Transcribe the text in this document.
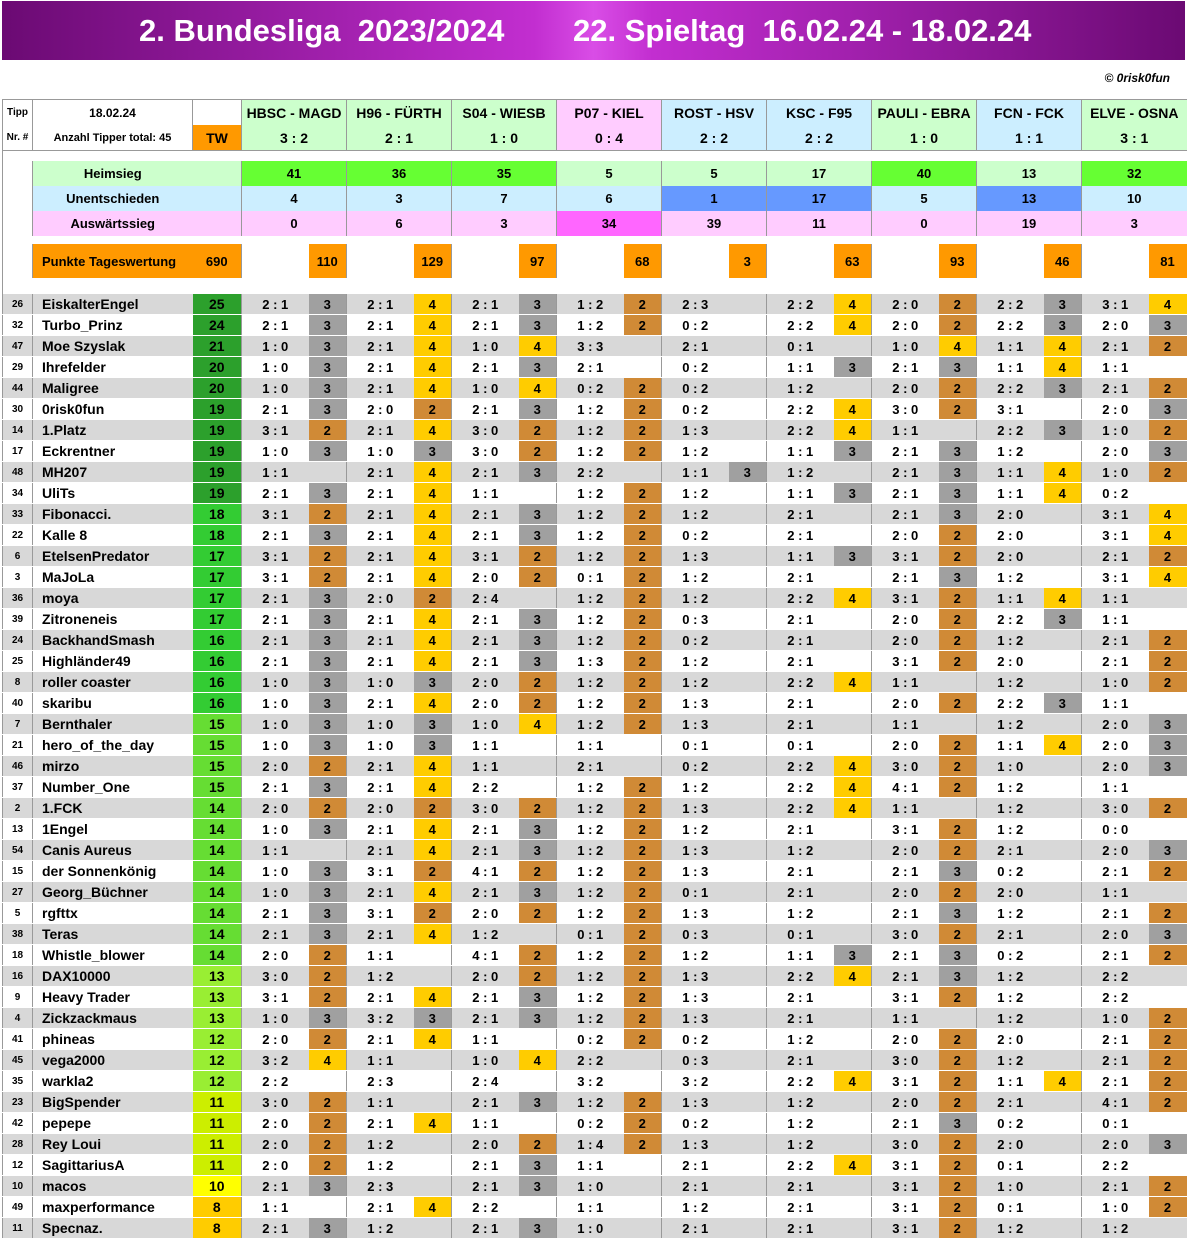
2. Bundesliga  2023/2024 22. Spieltag  16.02.24 - 18.02.24
© 0risk0fun
Tipp	18.02.24		HBSC - MAGD		H96 - FÜRTH		S04 - WIESB		P07 - KIEL		ROST - HSV		KSC - F95		PAULI - EBRA		FCN - FCK		ELVE - OSNA	
Nr. #	Anzahl Tipper total: 45	TW	3 : 2		2 : 1		1 : 0		0 : 4		2 : 2		2 : 2		1 : 0		1 : 1		3 : 1	

	Heimsieg		41		36		35		5		5		17		40		13		32	
	Unentschieden		4		3		7		6		1		17		5		13		10	
	Auswärtssieg		0		6		3		34		39		11		0		19		3	

	Punkte Tageswertung	690		110		129		97		68		3		63		93		46		81

26	EiskalterEngel	25	2 : 1	3	2 : 1	4	2 : 1	3	1 : 2	2	2 : 3		2 : 2	4	2 : 0	2	2 : 2	3	3 : 1	4
32	Turbo_Prinz	24	2 : 1	3	2 : 1	4	2 : 1	3	1 : 2	2	0 : 2		2 : 2	4	2 : 0	2	2 : 2	3	2 : 0	3
47	Moe Szyslak	21	1 : 0	3	2 : 1	4	1 : 0	4	3 : 3		2 : 1		0 : 1		1 : 0	4	1 : 1	4	2 : 1	2
29	Ihrefelder	20	1 : 0	3	2 : 1	4	2 : 1	3	2 : 1		0 : 2		1 : 1	3	2 : 1	3	1 : 1	4	1 : 1	
44	Maligree	20	1 : 0	3	2 : 1	4	1 : 0	4	0 : 2	2	0 : 2		1 : 2		2 : 0	2	2 : 2	3	2 : 1	2
30	0risk0fun	19	2 : 1	3	2 : 0	2	2 : 1	3	1 : 2	2	0 : 2		2 : 2	4	3 : 0	2	3 : 1		2 : 0	3
14	1.Platz	19	3 : 1	2	2 : 1	4	3 : 0	2	1 : 2	2	1 : 3		2 : 2	4	1 : 1		2 : 2	3	1 : 0	2
17	Eckrentner	19	1 : 0	3	1 : 0	3	3 : 0	2	1 : 2	2	1 : 2		1 : 1	3	2 : 1	3	1 : 2		2 : 0	3
48	MH207	19	1 : 1		2 : 1	4	2 : 1	3	2 : 2		1 : 1	3	1 : 2		2 : 1	3	1 : 1	4	1 : 0	2
34	UliTs	19	2 : 1	3	2 : 1	4	1 : 1		1 : 2	2	1 : 2		1 : 1	3	2 : 1	3	1 : 1	4	0 : 2	
33	Fibonacci.	18	3 : 1	2	2 : 1	4	2 : 1	3	1 : 2	2	1 : 2		2 : 1		2 : 1	3	2 : 0		3 : 1	4
22	Kalle 8	18	2 : 1	3	2 : 1	4	2 : 1	3	1 : 2	2	0 : 2		2 : 1		2 : 0	2	2 : 0		3 : 1	4
6	EtelsenPredator	17	3 : 1	2	2 : 1	4	3 : 1	2	1 : 2	2	1 : 3		1 : 1	3	3 : 1	2	2 : 0		2 : 1	2
3	MaJoLa	17	3 : 1	2	2 : 1	4	2 : 0	2	0 : 1	2	1 : 2		2 : 1		2 : 1	3	1 : 2		3 : 1	4
36	moya	17	2 : 1	3	2 : 0	2	2 : 4		1 : 2	2	1 : 2		2 : 2	4	3 : 1	2	1 : 1	4	1 : 1	
39	Zitroneneis	17	2 : 1	3	2 : 1	4	2 : 1	3	1 : 2	2	0 : 3		2 : 1		2 : 0	2	2 : 2	3	1 : 1	
24	BackhandSmash	16	2 : 1	3	2 : 1	4	2 : 1	3	1 : 2	2	0 : 2		2 : 1		2 : 0	2	1 : 2		2 : 1	2
25	Highländer49	16	2 : 1	3	2 : 1	4	2 : 1	3	1 : 3	2	1 : 2		2 : 1		3 : 1	2	2 : 0		2 : 1	2
8	roller coaster	16	1 : 0	3	1 : 0	3	2 : 0	2	1 : 2	2	1 : 2		2 : 2	4	1 : 1		1 : 2		1 : 0	2
40	skaribu	16	1 : 0	3	2 : 1	4	2 : 0	2	1 : 2	2	1 : 3		2 : 1		2 : 0	2	2 : 2	3	1 : 1	
7	Bernthaler	15	1 : 0	3	1 : 0	3	1 : 0	4	1 : 2	2	1 : 3		2 : 1		1 : 1		1 : 2		2 : 0	3
21	hero_of_the_day	15	1 : 0	3	1 : 0	3	1 : 1		1 : 1		0 : 1		0 : 1		2 : 0	2	1 : 1	4	2 : 0	3
46	mirzo	15	2 : 0	2	2 : 1	4	1 : 1		2 : 1		0 : 2		2 : 2	4	3 : 0	2	1 : 0		2 : 0	3
37	Number_One	15	2 : 1	3	2 : 1	4	2 : 2		1 : 2	2	1 : 2		2 : 2	4	4 : 1	2	1 : 2		1 : 1	
2	1.FCK	14	2 : 0	2	2 : 0	2	3 : 0	2	1 : 2	2	1 : 3		2 : 2	4	1 : 1		1 : 2		3 : 0	2
13	1Engel	14	1 : 0	3	2 : 1	4	2 : 1	3	1 : 2	2	1 : 2		2 : 1		3 : 1	2	1 : 2		0 : 0	
54	Canis Aureus	14	1 : 1		2 : 1	4	2 : 1	3	1 : 2	2	1 : 3		1 : 2		2 : 0	2	2 : 1		2 : 0	3
15	der Sonnenkönig	14	1 : 0	3	3 : 1	2	4 : 1	2	1 : 2	2	1 : 3		2 : 1		2 : 1	3	0 : 2		2 : 1	2
27	Georg_Büchner	14	1 : 0	3	2 : 1	4	2 : 1	3	1 : 2	2	0 : 1		2 : 1		2 : 0	2	2 : 0		1 : 1	
5	rgfttx	14	2 : 1	3	3 : 1	2	2 : 0	2	1 : 2	2	1 : 3		1 : 2		2 : 1	3	1 : 2		2 : 1	2
38	Teras	14	2 : 1	3	2 : 1	4	1 : 2		0 : 1	2	0 : 3		0 : 1		3 : 0	2	2 : 1		2 : 0	3
18	Whistle_blower	14	2 : 0	2	1 : 1		4 : 1	2	1 : 2	2	1 : 2		1 : 1	3	2 : 1	3	0 : 2		2 : 1	2
16	DAX10000	13	3 : 0	2	1 : 2		2 : 0	2	1 : 2	2	1 : 3		2 : 2	4	2 : 1	3	1 : 2		2 : 2	
9	Heavy Trader	13	3 : 1	2	2 : 1	4	2 : 1	3	1 : 2	2	1 : 3		2 : 1		3 : 1	2	1 : 2		2 : 2	
4	Zickzackmaus	13	1 : 0	3	3 : 2	3	2 : 1	3	1 : 2	2	1 : 3		2 : 1		1 : 1		1 : 2		1 : 0	2
41	phineas	12	2 : 0	2	2 : 1	4	1 : 1		0 : 2	2	0 : 2		1 : 2		2 : 0	2	2 : 0		2 : 1	2
45	vega2000	12	3 : 2	4	1 : 1		1 : 0	4	2 : 2		0 : 3		2 : 1		3 : 0	2	1 : 2		2 : 1	2
35	warkla2	12	2 : 2		2 : 3		2 : 4		3 : 2		3 : 2		2 : 2	4	3 : 1	2	1 : 1	4	2 : 1	2
23	BigSpender	11	3 : 0	2	1 : 1		2 : 1	3	1 : 2	2	1 : 3		1 : 2		2 : 0	2	2 : 1		4 : 1	2
42	pepepe	11	2 : 0	2	2 : 1	4	1 : 1		0 : 2	2	0 : 2		1 : 2		2 : 1	3	0 : 2		0 : 1	
28	Rey Loui	11	2 : 0	2	1 : 2		2 : 0	2	1 : 4	2	1 : 3		1 : 2		3 : 0	2	2 : 0		2 : 0	3
12	SagittariusA	11	2 : 0	2	1 : 2		2 : 1	3	1 : 1		2 : 1		2 : 2	4	3 : 1	2	0 : 1		2 : 2	
10	macos	10	2 : 1	3	2 : 3		2 : 1	3	1 : 0		2 : 1		2 : 1		3 : 1	2	1 : 0		2 : 1	2
49	maxperformance	8	1 : 1		2 : 1	4	2 : 2		1 : 1		1 : 2		2 : 1		3 : 1	2	0 : 1		1 : 0	2
11	Specnaz.	8	2 : 1	3	1 : 2		2 : 1	3	1 : 0		2 : 1		2 : 1		3 : 1	2	1 : 2		1 : 2	
